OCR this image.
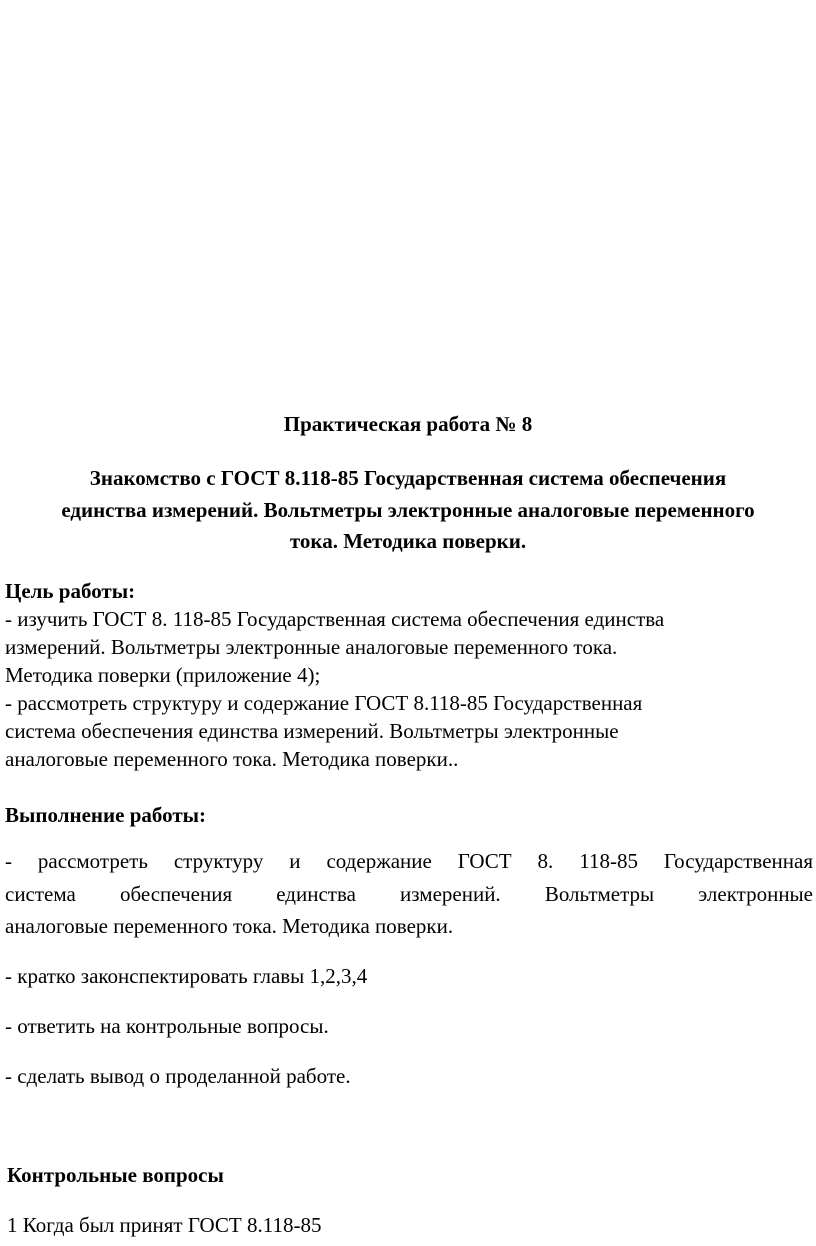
Практическая работа № 8
Знакомство с ГОСТ 8.118-85 Государственная система обеспечения
единства измерений. Вольтметры электронные аналоговые переменного
тока. Методика поверки.
Цель работы:
- изучить ГОСТ 8. 118-85 Государственная система обеспечения единства
измерений. Вольтметры электронные аналоговые переменного тока.
Методика поверки (приложение 4);
- рассмотреть структуру и содержание ГОСТ 8.118-85 Государственная
система обеспечения единства измерений. Вольтметры электронные
аналоговые переменного тока. Методика поверки..
Выполнение работы:
- рассмотреть структуру и содержание ГОСТ 8. 118-85 Государственная
система обеспечения единства измерений. Вольтметры электронные
аналоговые переменного тока. Методика поверки.
- кратко законспектировать главы 1,2,3,4
- ответить на контрольные вопросы.
- сделать вывод о проделанной работе.
Контрольные вопросы
1 Когда был принят ГОСТ 8.118-85
